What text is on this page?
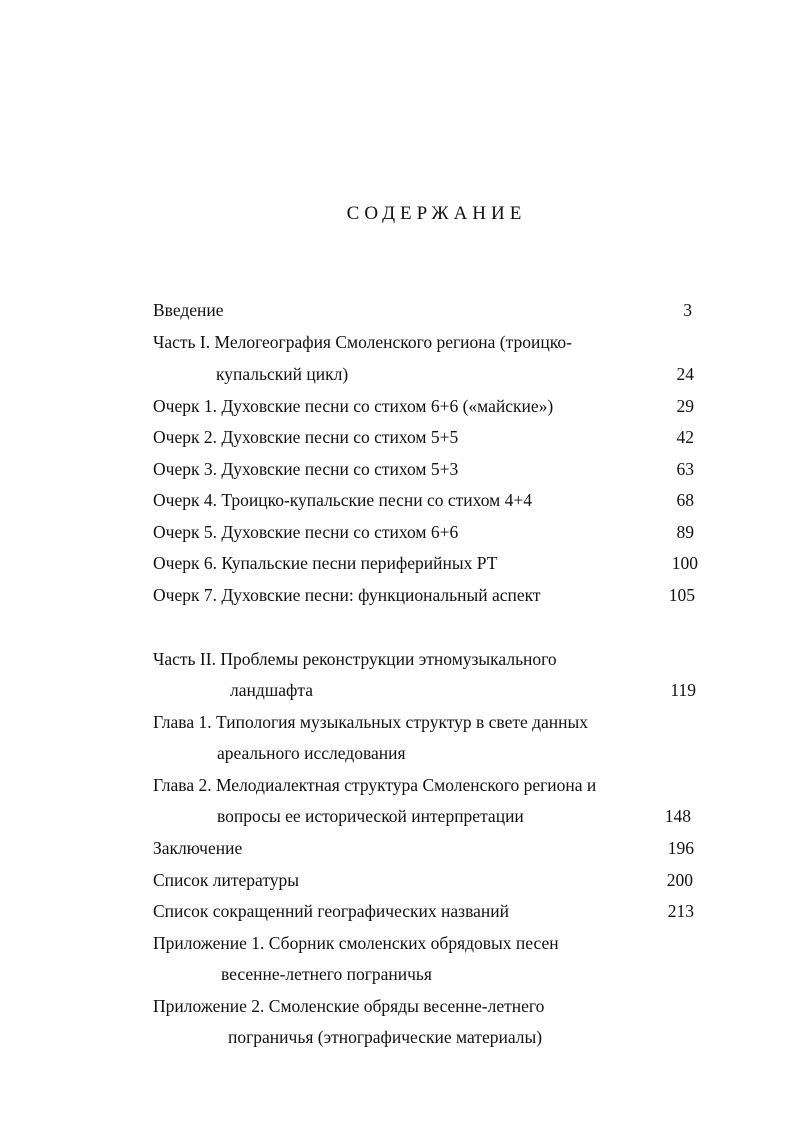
СОДЕРЖАНИЕ
Введение	3
Часть I. Мелогеография Смоленского региона (троицко-
купальский цикл)	24
Очерк 1. Духовские песни со стихом 6+6 («майские»)	29
Очерк 2. Духовские песни со стихом 5+5	42
Очерк 3. Духовские песни со стихом 5+3	63
Очерк 4. Троицко-купальские песни со стихом 4+4	68
Очерк 5. Духовские песни со стихом 6+6	89
Очерк 6. Купальские песни периферийных РТ	100
Очерк 7. Духовские песни: функциональный аспект	105
Часть II. Проблемы реконструкции этномузыкального
ландшафта	119
Глава 1. Типология музыкальных структур в свете данных
ареального исследования
Глава 2. Мелодиалектная структура Смоленского региона и
вопросы ее исторической интерпретации	148
Заключение	196
Список литературы	200
Список сокращенний географических названий	213
Приложение 1. Сборник смоленских обрядовых песен
весенне-летнего пограничья
Приложение 2. Смоленские обряды весенне-летнего
пограничья (этнографические материалы)
